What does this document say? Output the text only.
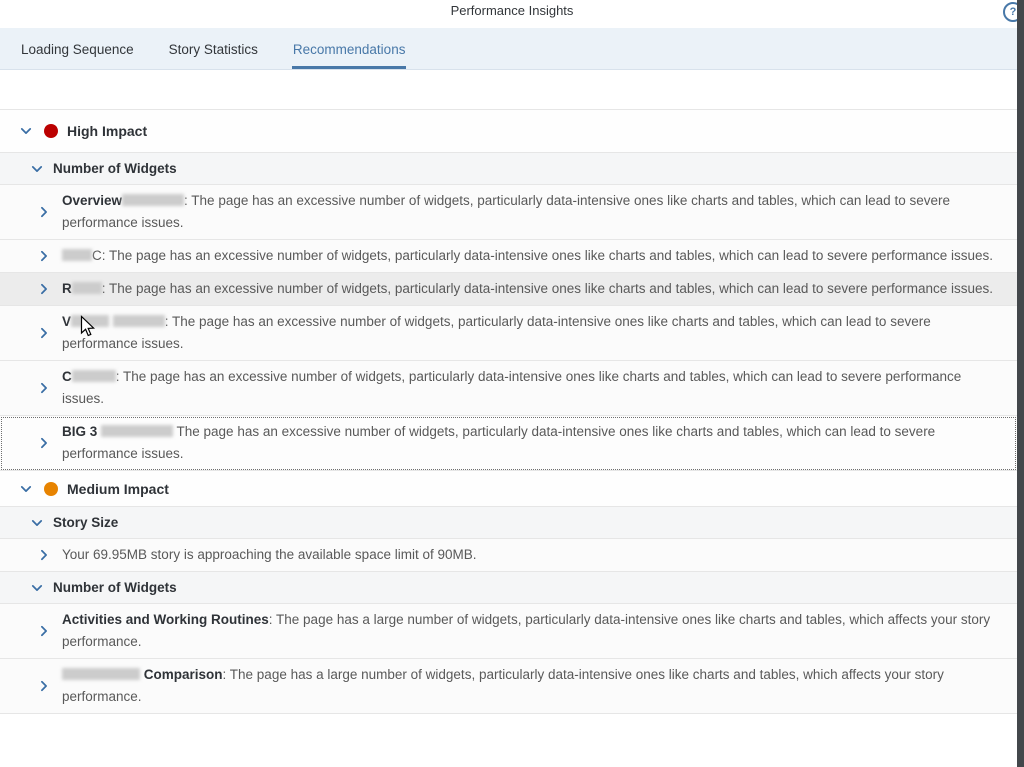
Performance Insights	?
Loading Sequence	Story Statistics	Recommendations
High Impact
Number of Widgets
Overview	: The page has an excessive number of widgets, particularly data-intensive ones like charts and tables, which can lead to severe performance issues.
C: The page has an excessive number of widgets, particularly data-intensive ones like charts and tables, which can lead to severe performance issues.
R : The page has an excessive number of widgets, particularly data-intensive ones like charts and tables, which can lead to severe performance issues.
V	: The page has an excessive number of widgets, particularly data-intensive ones like charts and tables, which can lead to severe performance issues.
C	: The page has an excessive number of widgets, particularly data-intensive ones like charts and tables, which can lead to severe performance issues.
BIG 3	The page has an excessive number of widgets, particularly data-intensive ones like charts and tables, which can lead to severe performance issues.
Medium Impact
Story Size
Your 69.95MB story is approaching the available space limit of 90MB.
Number of Widgets
Activities and Working Routines: The page has a large number of widgets, particularly data-intensive ones like charts and tables, which affects your story performance.
Comparison: The page has a large number of widgets, particularly data-intensive ones like charts and tables, which affects your story performance.
